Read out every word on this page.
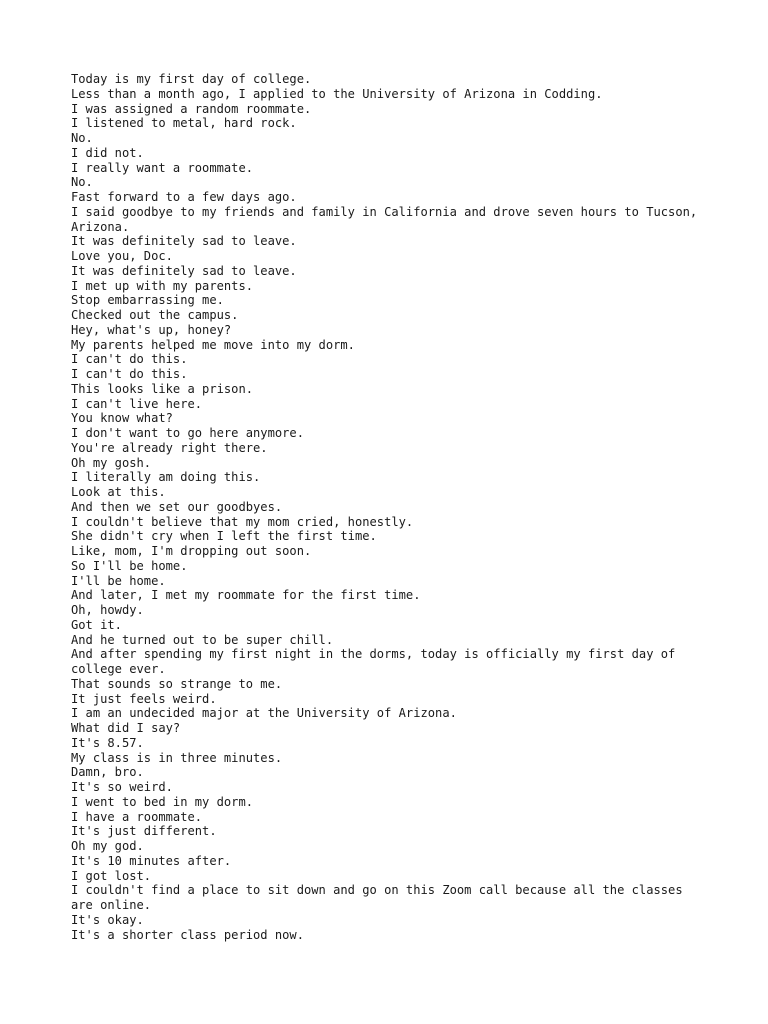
Today is my first day of college.

Less than a month ago, I applied to the University of Arizona in Codding.

I was assigned a random roommate.

I listened to metal, hard rock.

No.

I did not.

I really want a roommate.

No.

Fast forward to a few days ago.

I said goodbye to my friends and family in California and drove seven hours to Tucson, Arizona.

It was definitely sad to leave.

Love you, Doc.

It was definitely sad to leave.

I met up with my parents.

Stop embarrassing me.

Checked out the campus.

Hey, what's up, honey?

My parents helped me move into my dorm.

I can't do this.

I can't do this.

This looks like a prison.

I can't live here.

You know what?

I don't want to go here anymore.

You're already right there.

Oh my gosh.

I literally am doing this.

Look at this.

And then we set our goodbyes.

I couldn't believe that my mom cried, honestly.

She didn't cry when I left the first time.

Like, mom, I'm dropping out soon.

So I'll be home.

I'll be home.

And later, I met my roommate for the first time.

Oh, howdy.

Got it.

And he turned out to be super chill.

And after spending my first night in the dorms, today is officially my first day of college ever.

That sounds so strange to me.

It just feels weird.

I am an undecided major at the University of Arizona.

What did I say?

It's 8.57.

My class is in three minutes.

Damn, bro.

It's so weird.

I went to bed in my dorm.

I have a roommate.

It's just different.

Oh my god.

It's 10 minutes after.

I got lost.

I couldn't find a place to sit down and go on this Zoom call because all the classes are online.

It's okay.

It's a shorter class period now.
